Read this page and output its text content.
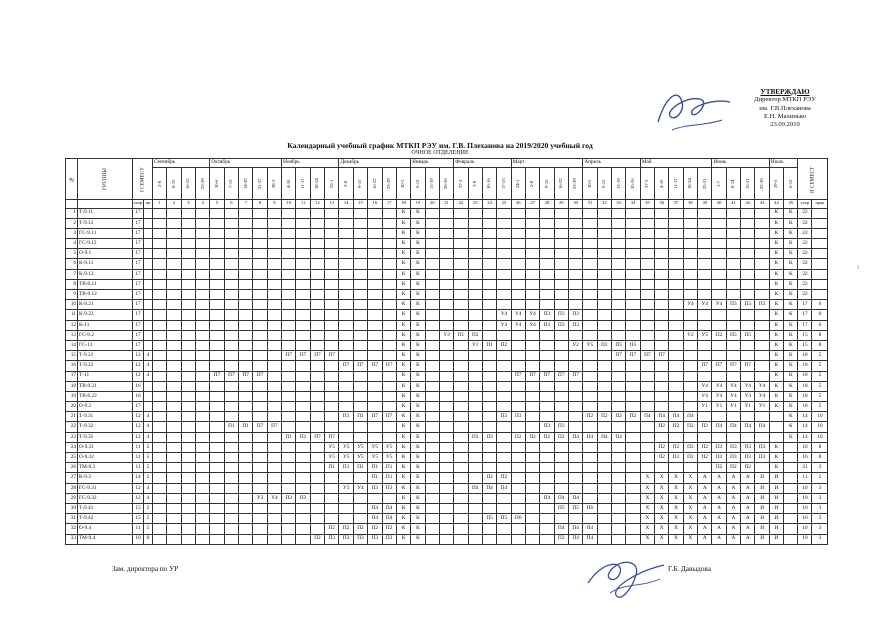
УТВЕРЖДАЮ
Директор МТКП РЭУ
им. Г.В.Плеханова
Е.Н. Махинько
23.09.2019
Календарный учебный график МТКП РЭУ им. Г.В. Плеханова на 2019/2020 учебный год
ОЧНОЕ ОТДЕЛЕНИЕ
№	ГРУППЫ	I СЕМЕСТ		Сентябрь				Октябрь					Ноябрь				Декабрь					Январь			Февраль				Март					Апрель				Май					Июнь				Июль		II СЕМЕСТ	
				2-8	9-15	16-22	23-29	30-6	7-13	14-20	21-27	28-3	4-10	11-17	18-24	25-1	2-8	9-15	16-22	23-29	30-5	6-12	13-19	20-26	27-2	3-9	10-16	17-23	24-1	2-8	9-15	16-22	23-29	30-5	6-12	13-19	20-26	27-3	4-10	11-17	18-24	25-31	1-7	8-14	15-21	22-28	29-5	6-12		
		теор	пр	1	2	3	4	5	6	7	8	9	10	11	12	13	14	15	16	17	18	19	20	21	22	23	24	25	26	27	28	29	30	31	32	33	34	35	36	37	38	39	40	41	42	43	44	45	теор	прак
1	Т-9.11	17																			К	К																									К	К	22	
2	Т-9.12	17																			К	К																									К	К	22	
3	ГС-9.11	17																			К	К																									К	К	22	
4	ГС-9.12	17																			К	К																									К	К	22	
5	О-9.1	17																			К	К																									К	К	22	
6	К-9.11	17																			К	К																									К	К	22	
7	К-9.12	17																			К	К																									К	К	22	
8	ТВ-9.11	17																			К	К																									К	К	22	
9	ТВ-9.12	17																			К	К																									К	К	22	
10	К-9.21	17																			К	К																			У4	У4	У4	П3	П3	П3	К	К	17	6
11	К-9.22	17																			К	К						У4	У4	У4	П3	П3	П3														К	К	17	6
12	К-11	17																			К	К						У4	У4	У4	П3	П3	П3														К	К	17	6
13	ГС-9.2	17																			К	К		У3	П1	П2															У2	У5	П2	П5	П5		К	К	15	8
14	ГС-11	17																			К	К				У1	П1	П2					У2	У5	П2	П5	П5										К	К	15	8
15	Т-9.21	12	4										П7	П7	П7	П7					К	К														П7	П7	П7	П7								К	К	18	5
16	Т-9.22	12	4														П7	П7	П7	П7	К	К																				П7	П7	П7	П7		К	К	18	5
17	Т-11	12	4					П7	П7	П7	П7										К	К							П7	П7	П7	П7	П7														К	К	18	5
18	ТВ-9.21	16																			К	К																				У4	У4	У4	У4	У4	К	К	18	5
19	ТВ-9.22	16																			К	К																				У4	У4	У4	У4	У4	К	К	18	5
20	О-9.2	17																			К	К																				У1	У1	У1	У1	У1	К	К	18	5
21	Т-9.31	12	4														П1	П1	П7	П7	К	К						П3	П3					П2	П2	П2	П2	П4	П4	П4	П4							К	14	10
22	Т-9.32	12	4						П1	П1	П7	П7									К	К									П3	П3							П2	П2	П2	П2	П4	П4	П4	П4		К	14	10
23	Т-9.35	12	4										П1	П1	П7	П7					К	К				П3	П3		П2	П2	П2	П2	П4	П4	П4	П4												К	14	10
24	О-9.31	11	5													У5	У5	У5	У5	У5	К	К																	П2	П2	П2	П2	П3	П3	П3	П3	К		16	8
25	О-9.32	11	5													У5	У5	У5	У5	У5	К	К																	П2	П2	П2	П2	П3	П3	П3	П3	К		16	8
26	ТМ-9.3	11	5													П1	П1	П1	П1	П1	К	К																					П2	П2	П2		К		21	3
27	К-9.3	14	2																П1	П1	К	К					П2	П2										Х	Х	Х	Х	А	А	А	А	И	И		11	2
28	ГС-9.31	12	4														У3	У4	П3	П3	К	К				П4	П4	П4										Х	Х	Х	Х	А	А	А	А	И	И		10	3
29	ГС-9.32	12	4								У3	У4	П3	П3							К	К									П4	П4	П4					Х	Х	Х	Х	А	А	А	А	И	И		10	3
30	Т-9.41	15	2																П4	П4	К	К										П5	П5	П6				Х	Х	Х	Х	А	А	А	А	И	И		10	3
31	Т-9.42	15	2																П4	П4	К	К					П5	П5	П6									Х	Х	Х	Х	А	А	А	А	И	И		10	3
32	О-9.4	11	5													П2	П2	П2	П2	П2	К	К										П4	П4	П4				Х	Х	Х	Х	А	А	А	А	И	И		10	3
33	ТМ-9.4	10	6												П2	П3	П3	П3	П3	П3	К	К										П2	П4	П4				Х	Х	Х	Х	А	А	А	А	И	И		10	3
Зам. директора по УР	Г.Б. Давыдова
ı
